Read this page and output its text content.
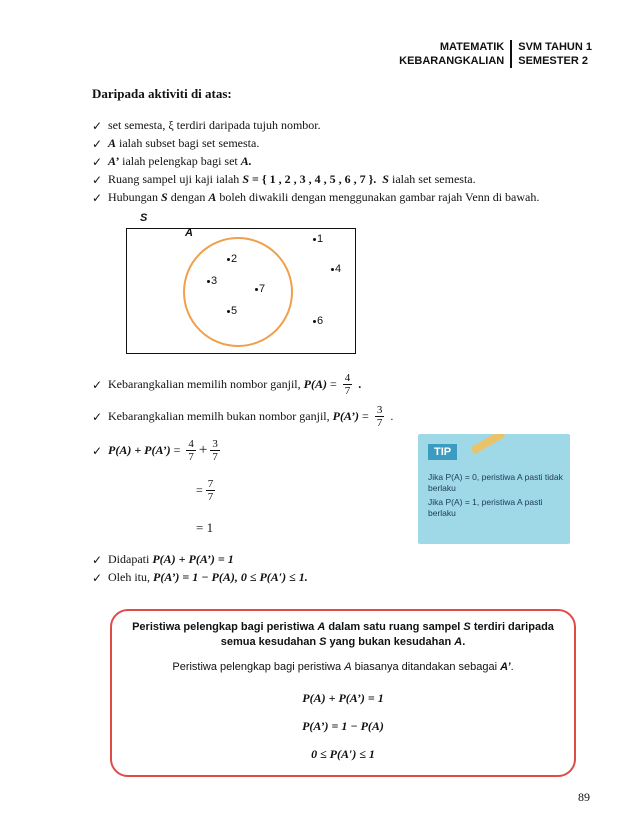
MATEMATIK
KEBARANGKALIAN
SVM TAHUN 1
SEMESTER 2
Daripada aktiviti di atas:
✓ set semesta, ξ terdiri daripada tujuh nombor.
✓ A ialah subset bagi set semesta.
✓ A’ ialah pelengkap bagi set A.
✓ Ruang sampel uji kaji ialah S = { 1 , 2 , 3 , 4 , 5 , 6 , 7 }.
S ialah set semesta.
✓ Hubungan S dengan A boleh diwakili dengan menggunakan gambar rajah Venn di bawah.
S
A
2
3
7
5
1
4
6
✓ Kebarangkalian memilih nombor ganjil, $P(A) = \frac{4}{7}$ .
✓ Kebarangkalian memilh bukan nombor ganjil, P(A’) = $\frac{3}{7}$ .
✓ P(A) + P(A’) = $\frac{4}{7} + \frac{3}{7}$
= $\frac{7}{7}$
= 1
✓ Didapati P(A) + P(A’) = 1
✓ Oleh itu, P(A’) = 1 − P(A), 0 ≤ P(A′) ≤ 1.
TIP
Jika P(A) = 0, peristiwa A pasti tidak berlaku
Jika P(A) = 1, peristiwa A pasti berlaku
Peristiwa pelengkap bagi peristiwa A dalam satu ruang sampel S terdiri daripada
semua kesudahan S yang bukan kesudahan A.
Peristiwa pelengkap bagi peristiwa A biasanya ditandakan sebagai A’.
P(A) + P(A’) = 1
P(A’) = 1 − P(A)
0 ≤ P(A′) ≤ 1
89
